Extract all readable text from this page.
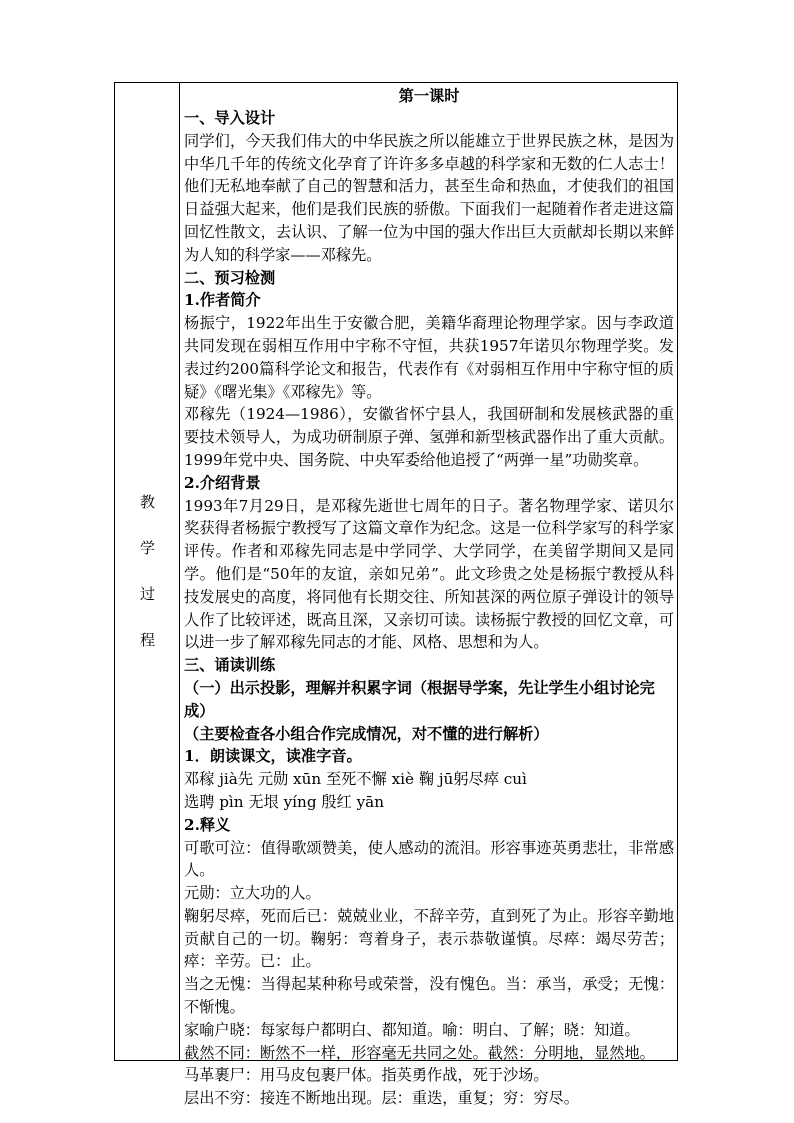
教
学
过
程
第一课时
一、导入设计
同学们，今天我们伟大的中华民族之所以能雄立于世界民族之林，是因为中华几千年的传统文化孕育了许许多多卓越的科学家和无数的仁人志士！他们无私地奉献了自己的智慧和活力，甚至生命和热血，才使我们的祖国日益强大起来，他们是我们民族的骄傲。下面我们一起随着作者走进这篇回忆性散文，去认识、了解一位为中国的强大作出巨大贡献却长期以来鲜为人知的科学家——邓稼先。
二、预习检测
1.作者简介
杨振宁，1922年出生于安徽合肥，美籍华裔理论物理学家。因与李政道共同发现在弱相互作用中宇称不守恒，共获1957年诺贝尔物理学奖。发表过约200篇科学论文和报告，代表作有《对弱相互作用中宇称守恒的质疑》《曙光集》《邓稼先》等。
邓稼先（1924—1986），安徽省怀宁县人，我国研制和发展核武器的重要技术领导人，为成功研制原子弹、氢弹和新型核武器作出了重大贡献。1999年党中央、国务院、中央军委给他追授了“两弹一星”功勋奖章。
2.介绍背景
1993年7月29日，是邓稼先逝世七周年的日子。著名物理学家、诺贝尔奖获得者杨振宁教授写了这篇文章作为纪念。这是一位科学家写的科学家评传。作者和邓稼先同志是中学同学、大学同学，在美留学期间又是同学。他们是“50年的友谊，亲如兄弟”。此文珍贵之处是杨振宁教授从科技发展史的高度，将同他有长期交往、所知甚深的两位原子弹设计的领导人作了比较评述，既高且深，又亲切可读。读杨振宁教授的回忆文章，可以进一步了解邓稼先同志的才能、风格、思想和为人。
三、诵读训练
（一）出示投影，理解并积累字词（根据导学案，先让学生小组讨论完成）
（主要检查各小组合作完成情况，对不懂的进行解析）
1．朗读课文，读准字音。
邓稼 jià先 元勋 xūn 至死不懈 xiè 鞠 jū躬尽瘁 cuì
选聘 pìn 无垠 yíng 殷红 yān
2.释义
可歌可泣：值得歌颂赞美，使人感动的流泪。形容事迹英勇悲壮，非常感人。
元勋：立大功的人。
鞠躬尽瘁，死而后已：兢兢业业，不辞辛劳，直到死了为止。形容辛勤地贡献自己的一切。鞠躬：弯着身子，表示恭敬谨慎。尽瘁：竭尽劳苦；瘁：辛劳。已：止。
当之无愧：当得起某种称号或荣誉，没有愧色。当：承当，承受；无愧：不惭愧。
家喻户晓：每家每户都明白、都知道。喻：明白、了解；晓：知道。
截然不同：断然不一样，形容毫无共同之处。截然：分明地，显然地。
马革裹尸：用马皮包裹尸体。指英勇作战，死于沙场。
层出不穷：接连不断地出现。层：重迭，重复；穷：穷尽。
